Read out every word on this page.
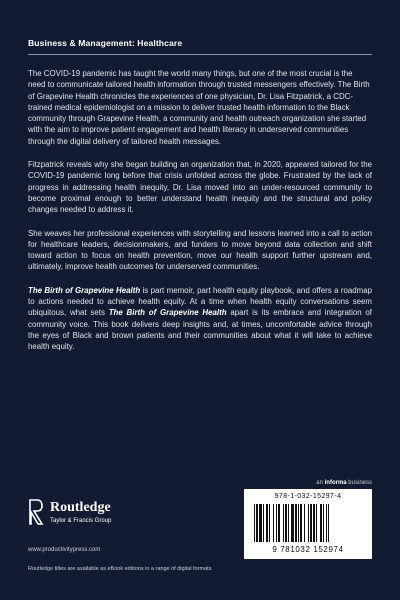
Business & Management: Healthcare

The COVID-19 pandemic has taught the world many things, but one of the most crucial is the need to communicate tailored health information through trusted messengers effectively. The Birth of Grapevine Health chronicles the experiences of one physician, Dr. Lisa Fitzpatrick, a CDC-trained medical epidemiologist on a mission to deliver trusted health information to the Black community through Grapevine Health, a community and health outreach organization she started with the aim to improve patient engagement and health literacy in underserved communities through the digital delivery of tailored health messages.

Fitzpatrick reveals why she began building an organization that, in 2020, appeared tailored for the COVID-19 pandemic long before that crisis unfolded across the globe. Frustrated by the lack of progress in addressing health inequity, Dr. Lisa moved into an under-resourced community to become proximal enough to better understand health inequity and the structural and policy changes needed to address it.

She weaves her professional experiences with storytelling and lessons learned into a call to action for healthcare leaders, decisionmakers, and funders to move beyond data collection and shift toward action to focus on health prevention, move our health support further upstream and, ultimately, improve health outcomes for underserved communities.

The Birth of Grapevine Health is part memoir, part health equity playbook, and offers a roadmap to actions needed to achieve health equity. At a time when health equity conversations seem ubiquitous, what sets The Birth of Grapevine Health apart is its embrace and integration of community voice. This book delivers deep insights and, at times, uncomfortable advice through the eyes of Black and brown patients and their communities about what it will take to achieve health equity.

an informa business
Routledge
Taylor & Francis Group
www.productivitypress.com
Routledge titles are available as eBook editions in a range of digital formats
978-1-032-15297-4
9 781032 152974
